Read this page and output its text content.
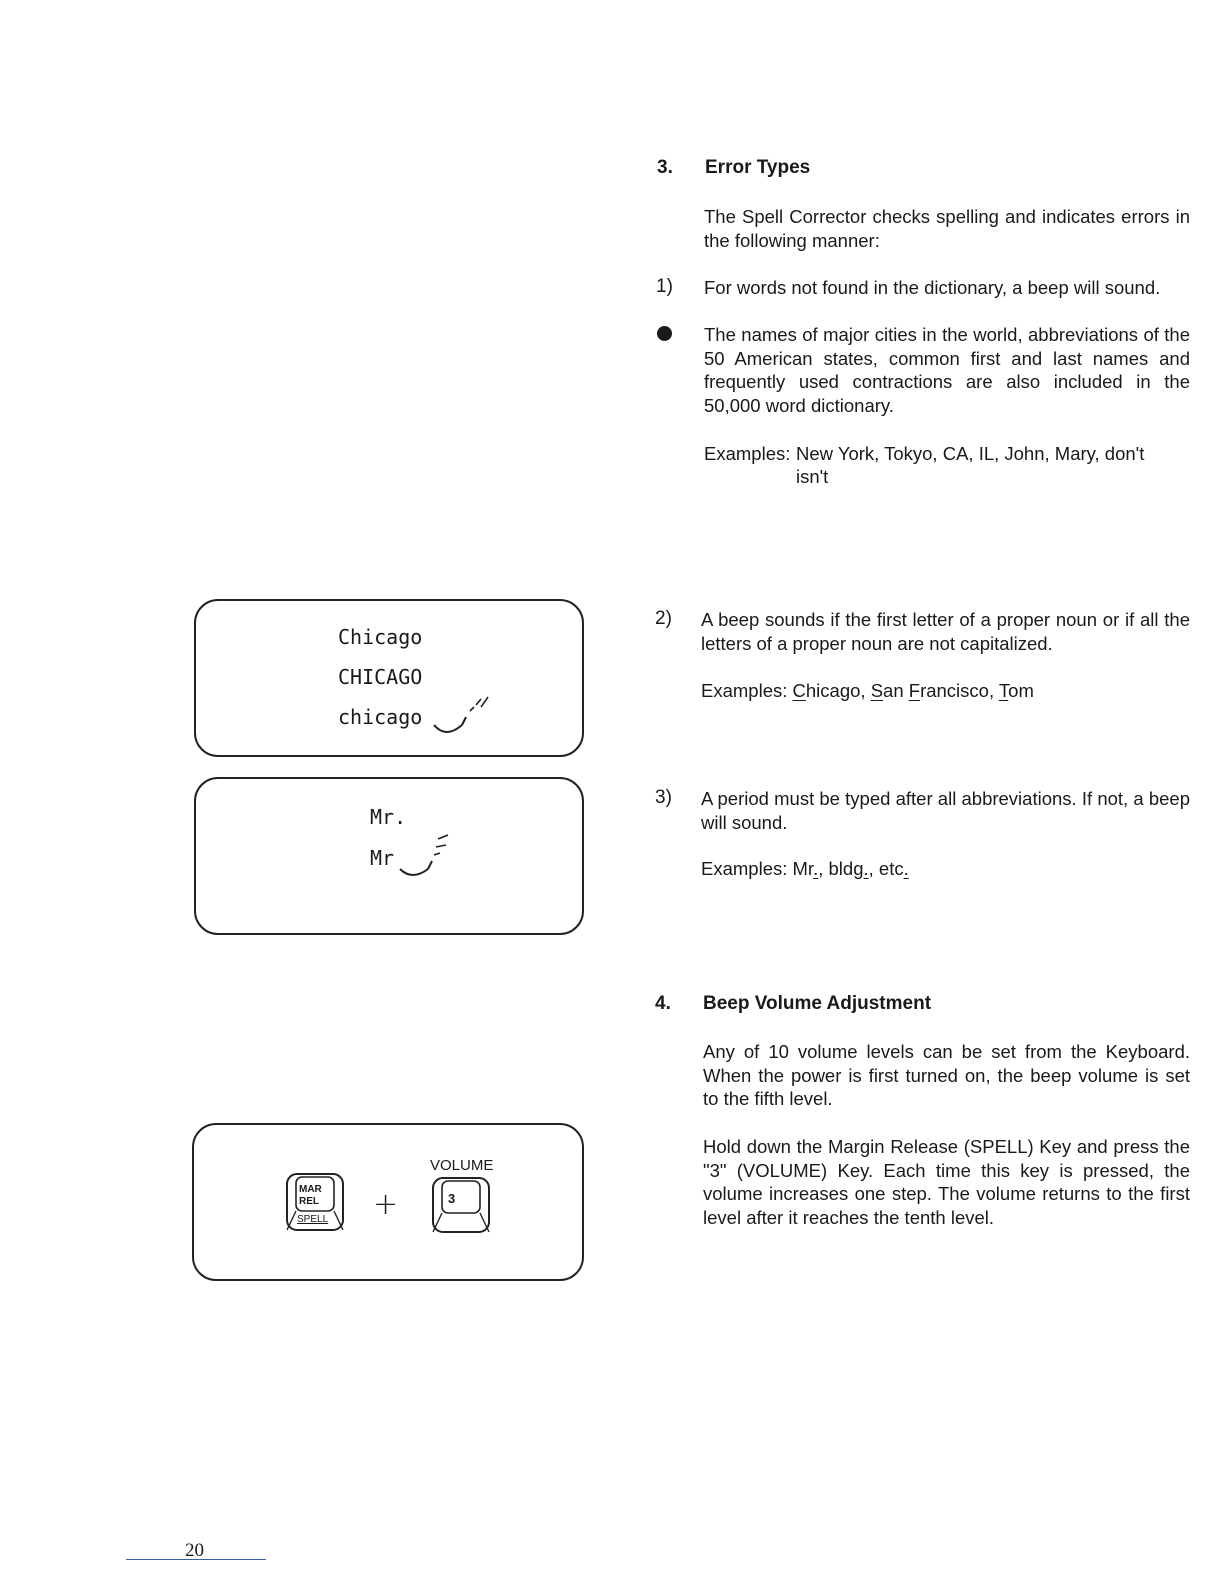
3. Error Types
The Spell Corrector checks spelling and indicates errors in the following manner:
1) For words not found in the dictionary, a beep will sound.
The names of major cities in the world, abbreviations of the 50 American states, common first and last names and frequently used contractions are also included in the 50,000 word dictionary.
Examples: New York, Tokyo, CA, IL, John, Mary, don't
isn't
2) A beep sounds if the first letter of a proper noun or if all the letters of a proper noun are not capitalized.
Examples: Chicago, San Francisco, Tom
3) A period must be typed after all abbreviations. If not, a beep will sound.
Examples: Mr., bldg., etc.
4. Beep Volume Adjustment
Any of 10 volume levels can be set from the Keyboard. When the power is first turned on, the beep volume is set to the fifth level.
Hold down the Margin Release (SPELL) Key and press the "3" (VOLUME) Key. Each time this key is pressed, the volume increases one step. The volume returns to the first level after it reaches the tenth level.
Chicago
CHICAGO
chicago
Mr.
Mr
MAR
REL
SPELL +
VOLUME
3
20
